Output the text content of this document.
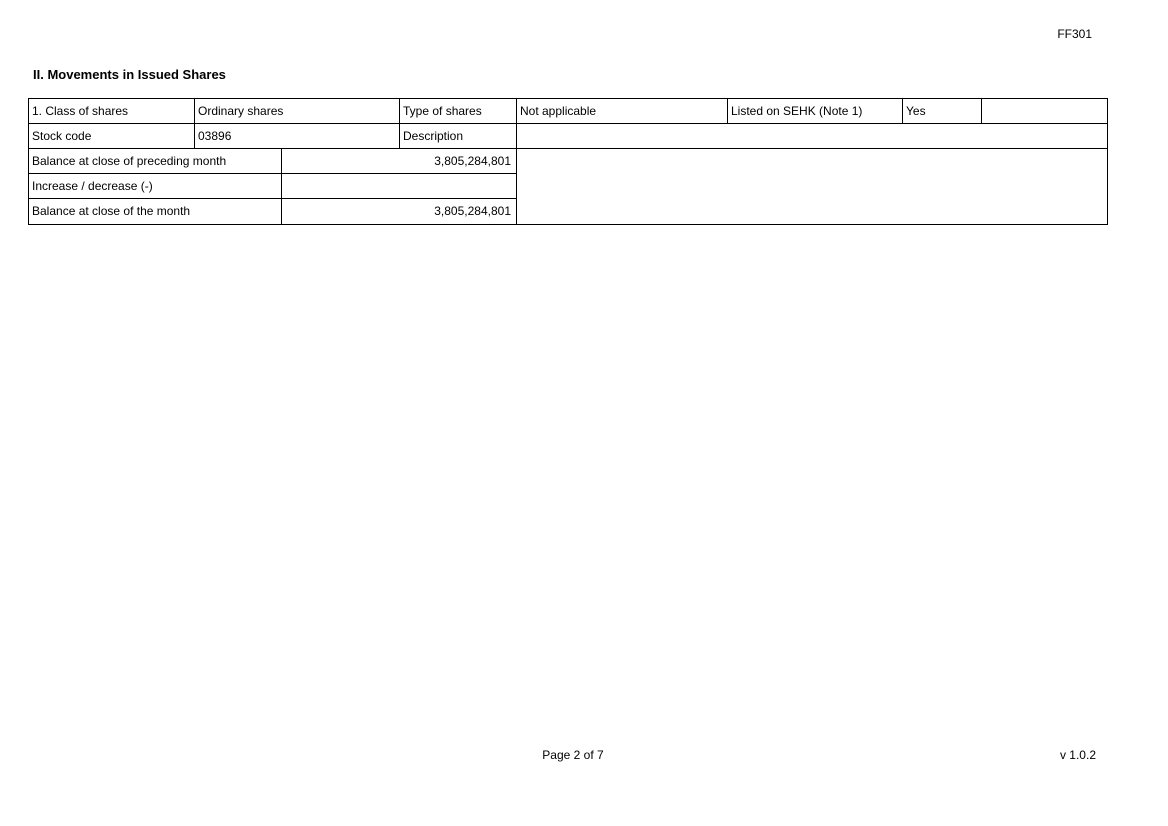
FF301
II. Movements in Issued Shares
1. Class of shares	Ordinary shares	Type of shares	Not applicable	Listed on SEHK (Note 1)	Yes
Stock code	03896	Description
Balance at close of preceding month	3,805,284,801
Increase / decrease (-)
Balance at close of the month	3,805,284,801
Page 2 of 7	v 1.0.2
